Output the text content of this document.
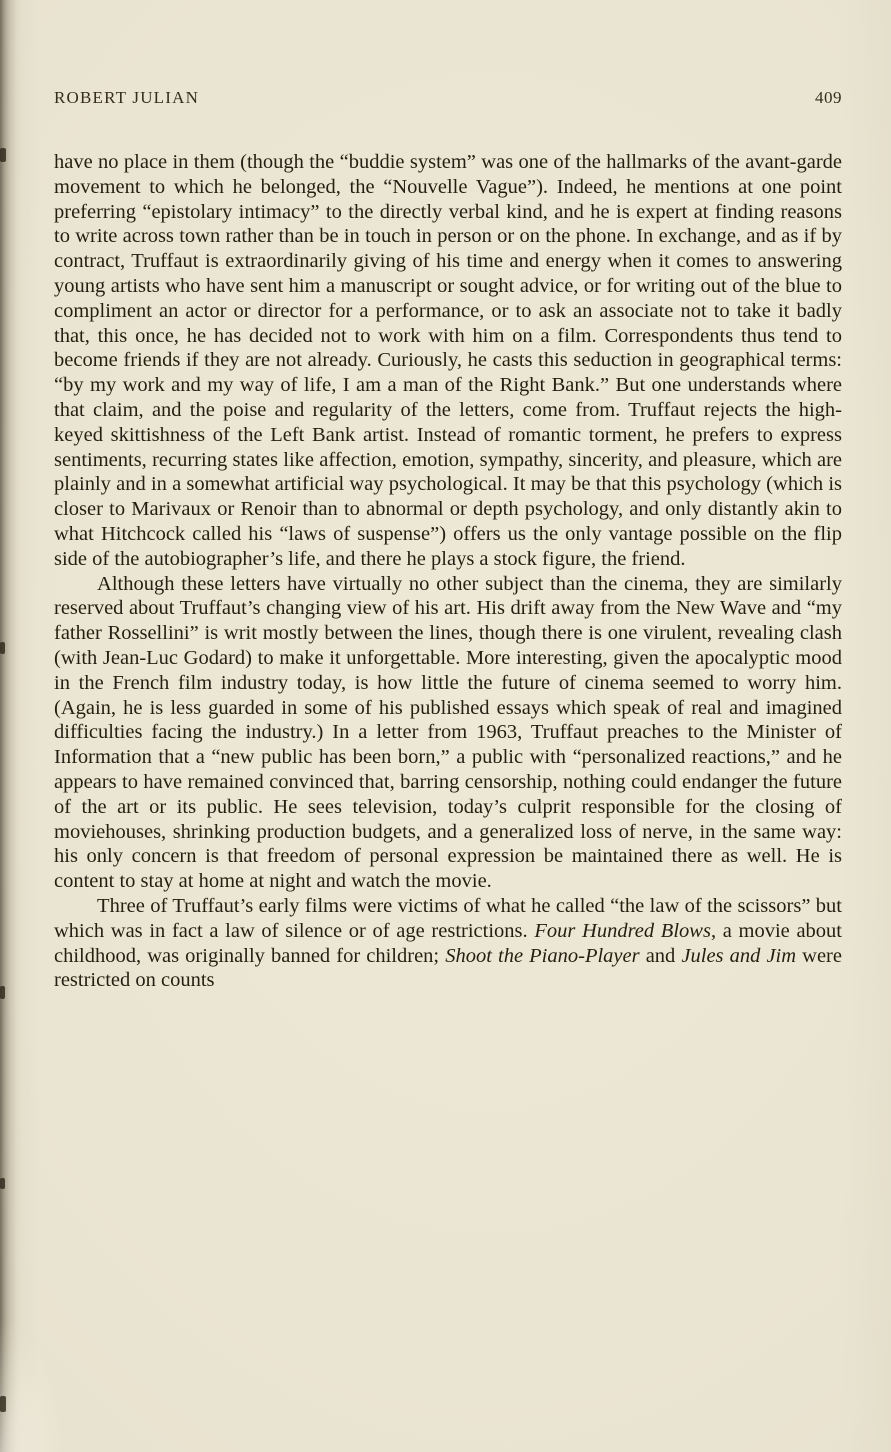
ROBERT JULIAN	409

have no place in them (though the “buddie system” was one of the hallmarks of the avant-garde movement to which he belonged, the “Nouvelle Vague”). Indeed, he mentions at one point preferring “epistolary intimacy” to the directly verbal kind, and he is expert at finding reasons to write across town rather than be in touch in person or on the phone. In exchange, and as if by contract, Truffaut is extraordinarily giving of his time and energy when it comes to answering young artists who have sent him a manuscript or sought advice, or for writing out of the blue to compliment an actor or director for a performance, or to ask an associate not to take it badly that, this once, he has decided not to work with him on a film. Correspondents thus tend to become friends if they are not already. Curiously, he casts this seduction in geographical terms: “by my work and my way of life, I am a man of the Right Bank.” But one understands where that claim, and the poise and regularity of the letters, come from. Truffaut rejects the high-keyed skittishness of the Left Bank artist. Instead of romantic torment, he prefers to express sentiments, recurring states like affection, emotion, sympathy, sincerity, and pleasure, which are plainly and in a somewhat artificial way psychological. It may be that this psychology (which is closer to Marivaux or Renoir than to abnormal or depth psychology, and only distantly akin to what Hitchcock called his “laws of suspense”) offers us the only vantage possible on the flip side of the autobiographer’s life, and there he plays a stock figure, the friend.

Although these letters have virtually no other subject than the cinema, they are similarly reserved about Truffaut’s changing view of his art. His drift away from the New Wave and “my father Rossellini” is writ mostly between the lines, though there is one virulent, revealing clash (with Jean-Luc Godard) to make it unforgettable. More interesting, given the apocalyptic mood in the French film industry today, is how little the future of cinema seemed to worry him. (Again, he is less guarded in some of his published essays which speak of real and imagined difficulties facing the industry.) In a letter from 1963, Truffaut preaches to the Minister of Information that a “new public has been born,” a public with “personalized reactions,” and he appears to have remained convinced that, barring censorship, nothing could endanger the future of the art or its public. He sees television, today’s culprit responsible for the closing of moviehouses, shrinking production budgets, and a generalized loss of nerve, in the same way: his only concern is that freedom of personal expression be maintained there as well. He is content to stay at home at night and watch the movie.

Three of Truffaut’s early films were victims of what he called “the law of the scissors” but which was in fact a law of silence or of age restrictions. Four Hundred Blows, a movie about childhood, was originally banned for children; Shoot the Piano-Player and Jules and Jim were restricted on counts
